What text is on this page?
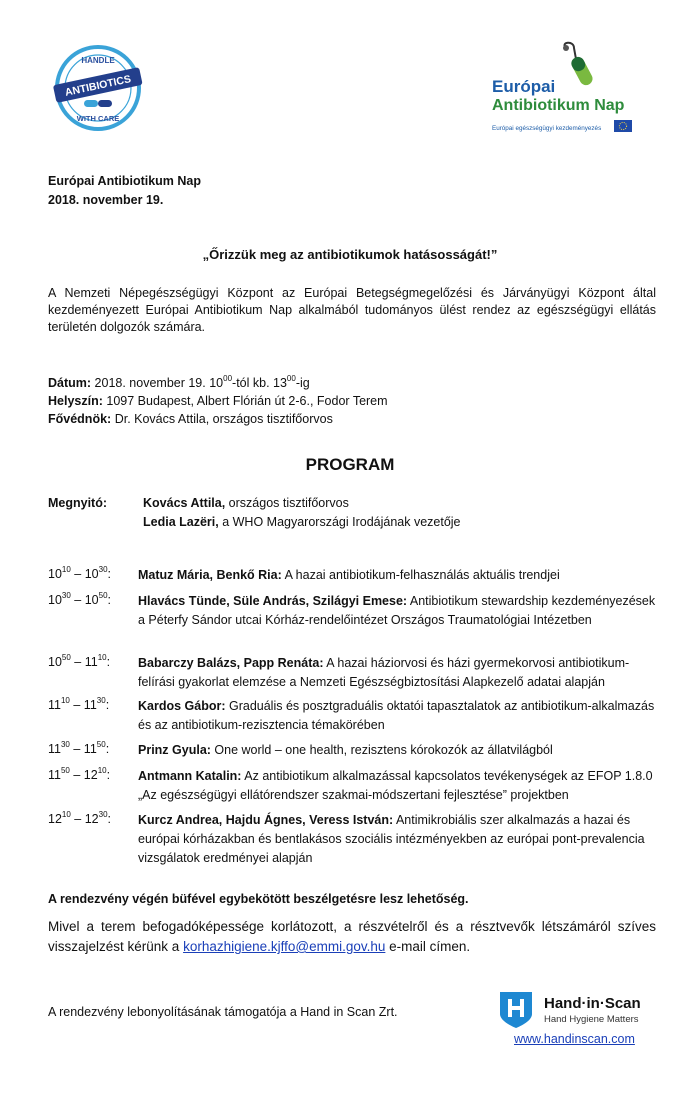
HANDLE
ANTIBIOTICS
WITH CARE
Európai
Antibiotikum Nap
Európai egészségügyi kezdeményezés
Európai Antibiotikum Nap
2018. november 19.
„Őrizzük meg az antibiotikumok hatásosságát!”
A Nemzeti Népegészségügyi Központ az Európai Betegségmegelőzési és Járványügyi Központ által kezdeményezett Európai Antibiotikum Nap alkalmából tudományos ülést rendez az egészségügyi ellátás területén dolgozók számára.
Dátum: 2018. november 19. $10^{00}$-tól kb. $13^{00}-ig$
Helyszín: 1097 Budapest, Albert Flórián út 2-6., Fodor Terem
Fővédnök: Dr. Kovács Attila, országos tisztifőorvos
PROGRAM
Megnyitó:	Kovács Attila, országos tisztifőorvos
Ledia Lazëri, a WHO Magyarországi Irodájának vezetője
$10^{10} - 10^{30}$: Matuz Mária, Benkő Ria: A hazai antibiotikum-felhasználás aktuális trendjei
$10^{30} - 10^{50}$: Hlavács Tünde, Süle András, Szilágyi Emese: Antibiotikum stewardship kezdeményezések a Péterfy Sándor utcai Kórház-rendelőintézet Országos Traumatológiai Intézetben
$10^{50} - 11^{10}$: Babarczy Balázs, Papp Renáta: A hazai háziorvosi és házi gyermekorvosi antibiotikum-felírási gyakorlat elemzése a Nemzeti Egészségbiztosítási Alapkezelő adatai alapján
$11^{10} - 11^{30}$: Kardos Gábor: Graduális és posztgraduális oktatói tapasztalatok az antibiotikum-alkalmazás és az antibiotikum-rezisztencia témakörében
$11^{30} - 11^{50}$: Prinz Gyula: One world – one health, rezisztens kórokozók az állatvilágból
$11^{50} - 12^{10}$: Antmann Katalin: Az antibiotikum alkalmazással kapcsolatos tevékenységek az EFOP 1.8.0 „Az egészségügyi ellátórendszer szakmai-módszertani fejlesztése” projektben
$12^{10} - 12^{30}$: Kurcz Andrea, Hajdu Ágnes, Veress István: Antimikrobiális szer alkalmazás a hazai és európai kórházakban és bentlakásos szociális intézményekben az európai pont-prevalencia vizsgálatok eredményei alapján
A rendezvény végén büfével egybekötött beszélgetésre lesz lehetőség.
Mivel a terem befogadóképessége korlátozott, a részvételről és a résztvevők létszámáról szíves visszajelzést kérünk a korhazhigiene.kjffo@emmi.gov.hu e-mail címen.
A rendezvény lebonyolításának támogatója a Hand in Scan Zrt.	Hand·in·Scan
Hand Hygiene Matters
www.handinscan.com
